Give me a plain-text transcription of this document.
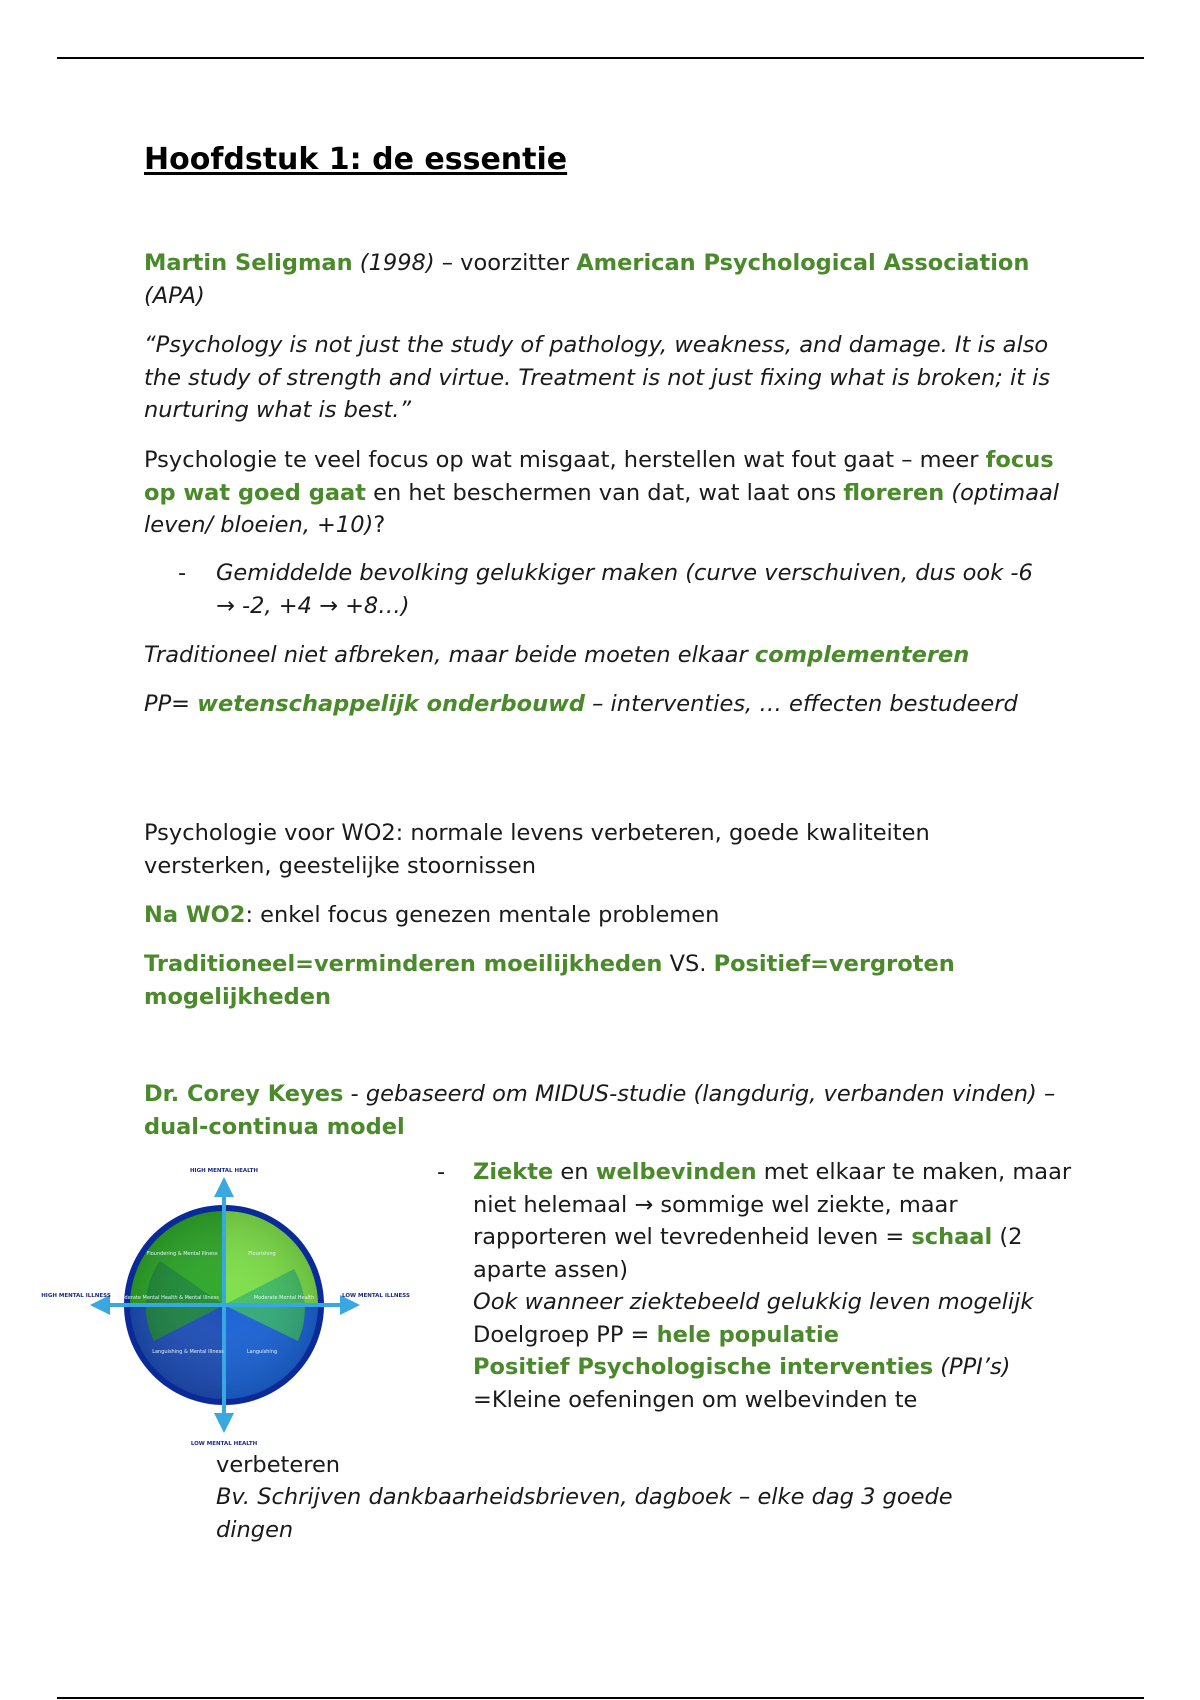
Hoofdstuk 1: de essentie

Martin Seligman (1998) – voorzitter American Psychological Association (APA)

“Psychology is not just the study of pathology, weakness, and damage. It is also the study of strength and virtue. Treatment is not just fixing what is broken; it is nurturing what is best.”

Psychologie te veel focus op wat misgaat, herstellen wat fout gaat – meer focus op wat goed gaat en het beschermen van dat, wat laat ons floreren (optimaal leven/ bloeien, +10)?

- Gemiddelde bevolking gelukkiger maken (curve verschuiven, dus ook -6 → -2, +4 → +8…)

Traditioneel niet afbreken, maar beide moeten elkaar complementeren

PP= wetenschappelijk onderbouwd – interventies, … effecten bestudeerd

Psychologie voor WO2: normale levens verbeteren, goede kwaliteiten versterken, geestelijke stoornissen

Na WO2: enkel focus genezen mentale problemen

Traditioneel=verminderen moeilijkheden VS. Positief=vergroten mogelijkheden

Dr. Corey Keyes - gebaseerd om MIDUS-studie (langdurig, verbanden vinden) – dual-continua model

HIGH MENTAL HEALTH
LOW MENTAL HEALTH
HIGH MENTAL ILLNESS	LOW MENTAL ILLNESS
Floundering & Mental Illness	Flourishing
Moderate Mental Health & Mental Illness	Moderate Mental Health
Languishing & Mental Illness	Languishing
- Ziekte en welbevinden met elkaar te maken, maar niet helemaal → sommige wel ziekte, maar rapporteren wel tevredenheid leven = schaal (2 aparte assen)

Ook wanneer ziektebeeld gelukkig leven mogelijk

Doelgroep PP = hele populatie

Positief Psychologische interventies (PPI’s)

=Kleine oefeningen om welbevinden te

verbeteren

Bv. Schrijven dankbaarheidsbrieven, dagboek – elke dag 3 goede dingen
